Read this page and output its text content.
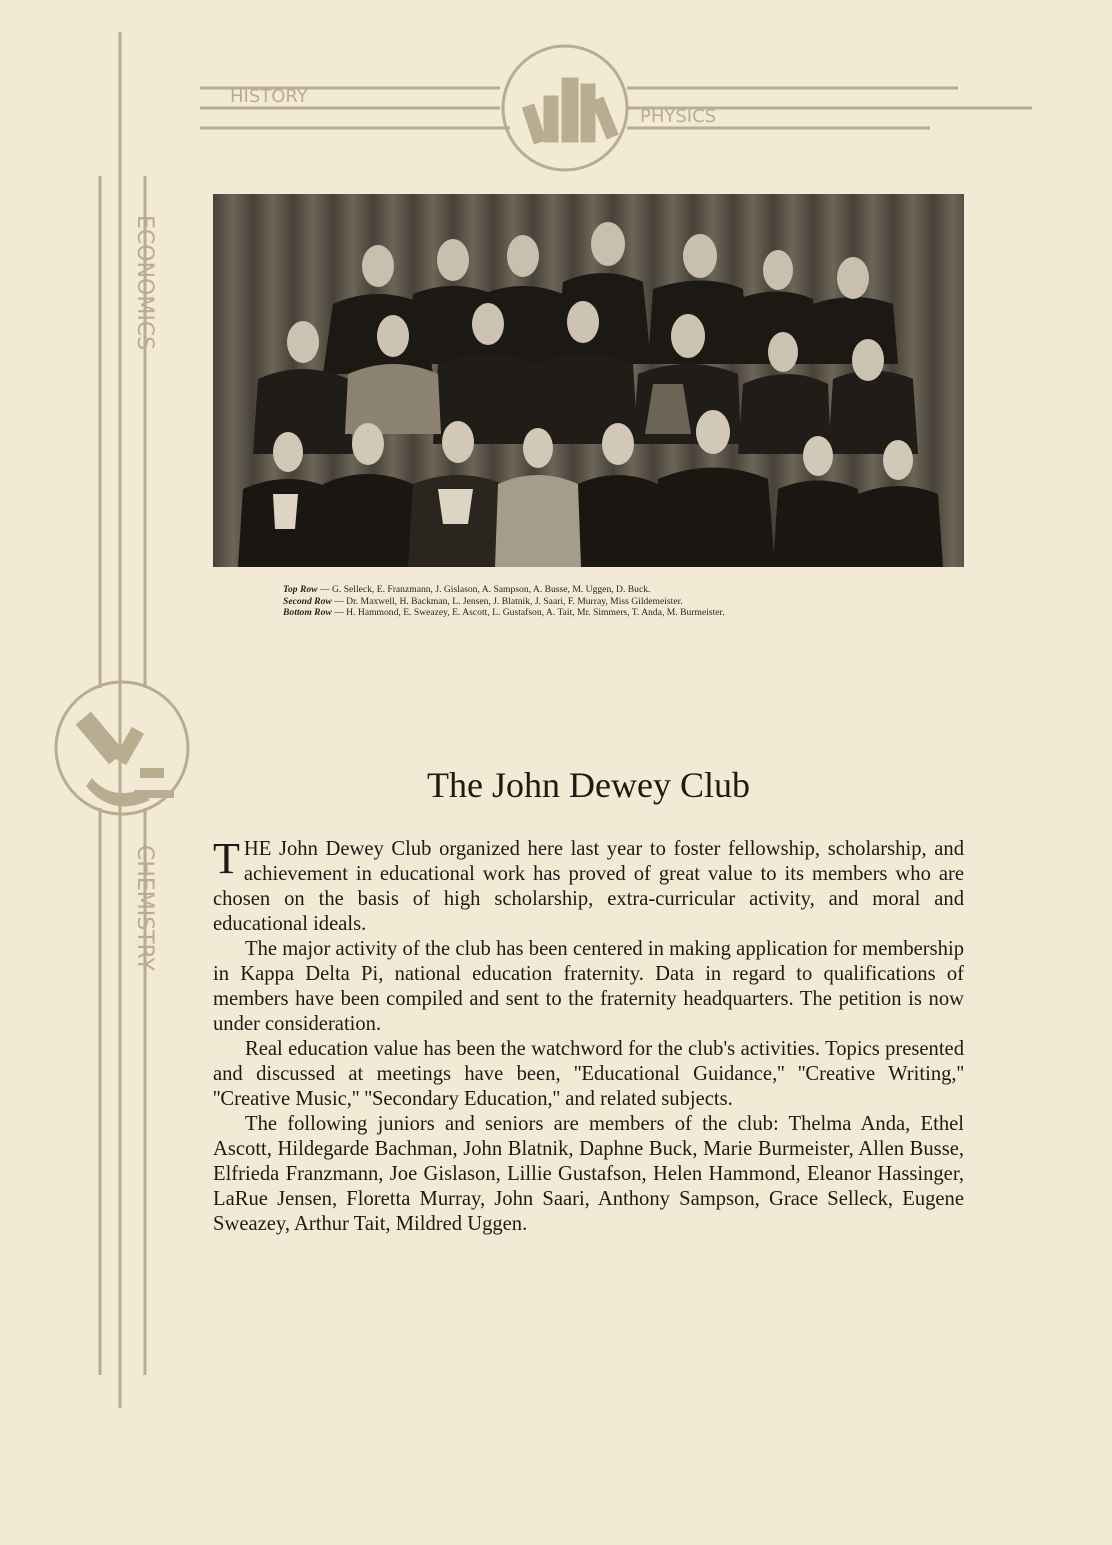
HISTORY
PHYSICS
ECONOMICS
CHEMISTRY
Top Row — G. Selleck, E. Franzmann, J. Gislason, A. Sampson, A. Busse, M. Uggen, D. Buck.
Second Row — Dr. Maxwell, H. Backman, L. Jensen, J. Blatnik, J. Saari, F. Murray, Miss Gildemeister.
Bottom Row — H. Hammond, E. Sweazey, E. Ascott, L. Gustafson, A. Tait, Mr. Simmers, T. Anda, M. Burmeister.
The John Dewey Club

THE John Dewey Club organized here last year to foster fellowship, scholarship, and achievement in educational work has proved of great value to its members who are chosen on the basis of high scholarship, extra-curricular activity, and moral and educational ideals.

The major activity of the club has been centered in making application for membership in Kappa Delta Pi, national education fraternity. Data in regard to qualifications of members have been compiled and sent to the fraternity headquarters. The petition is now under consideration.

Real education value has been the watchword for the club's activities. Topics presented and discussed at meetings have been, ''Educational Guidance,'' ''Creative Writing,'' ''Creative Music,'' ''Secondary Education,'' and related subjects.

The following juniors and seniors are members of the club: Thelma Anda, Ethel Ascott, Hildegarde Bachman, John Blatnik, Daphne Buck, Marie Burmeister, Allen Busse, Elfrieda Franzmann, Joe Gislason, Lillie Gustafson, Helen Hammond, Eleanor Hassinger, LaRue Jensen, Floretta Murray, John Saari, Anthony Sampson, Grace Selleck, Eugene Sweazey, Arthur Tait, Mildred Uggen.
